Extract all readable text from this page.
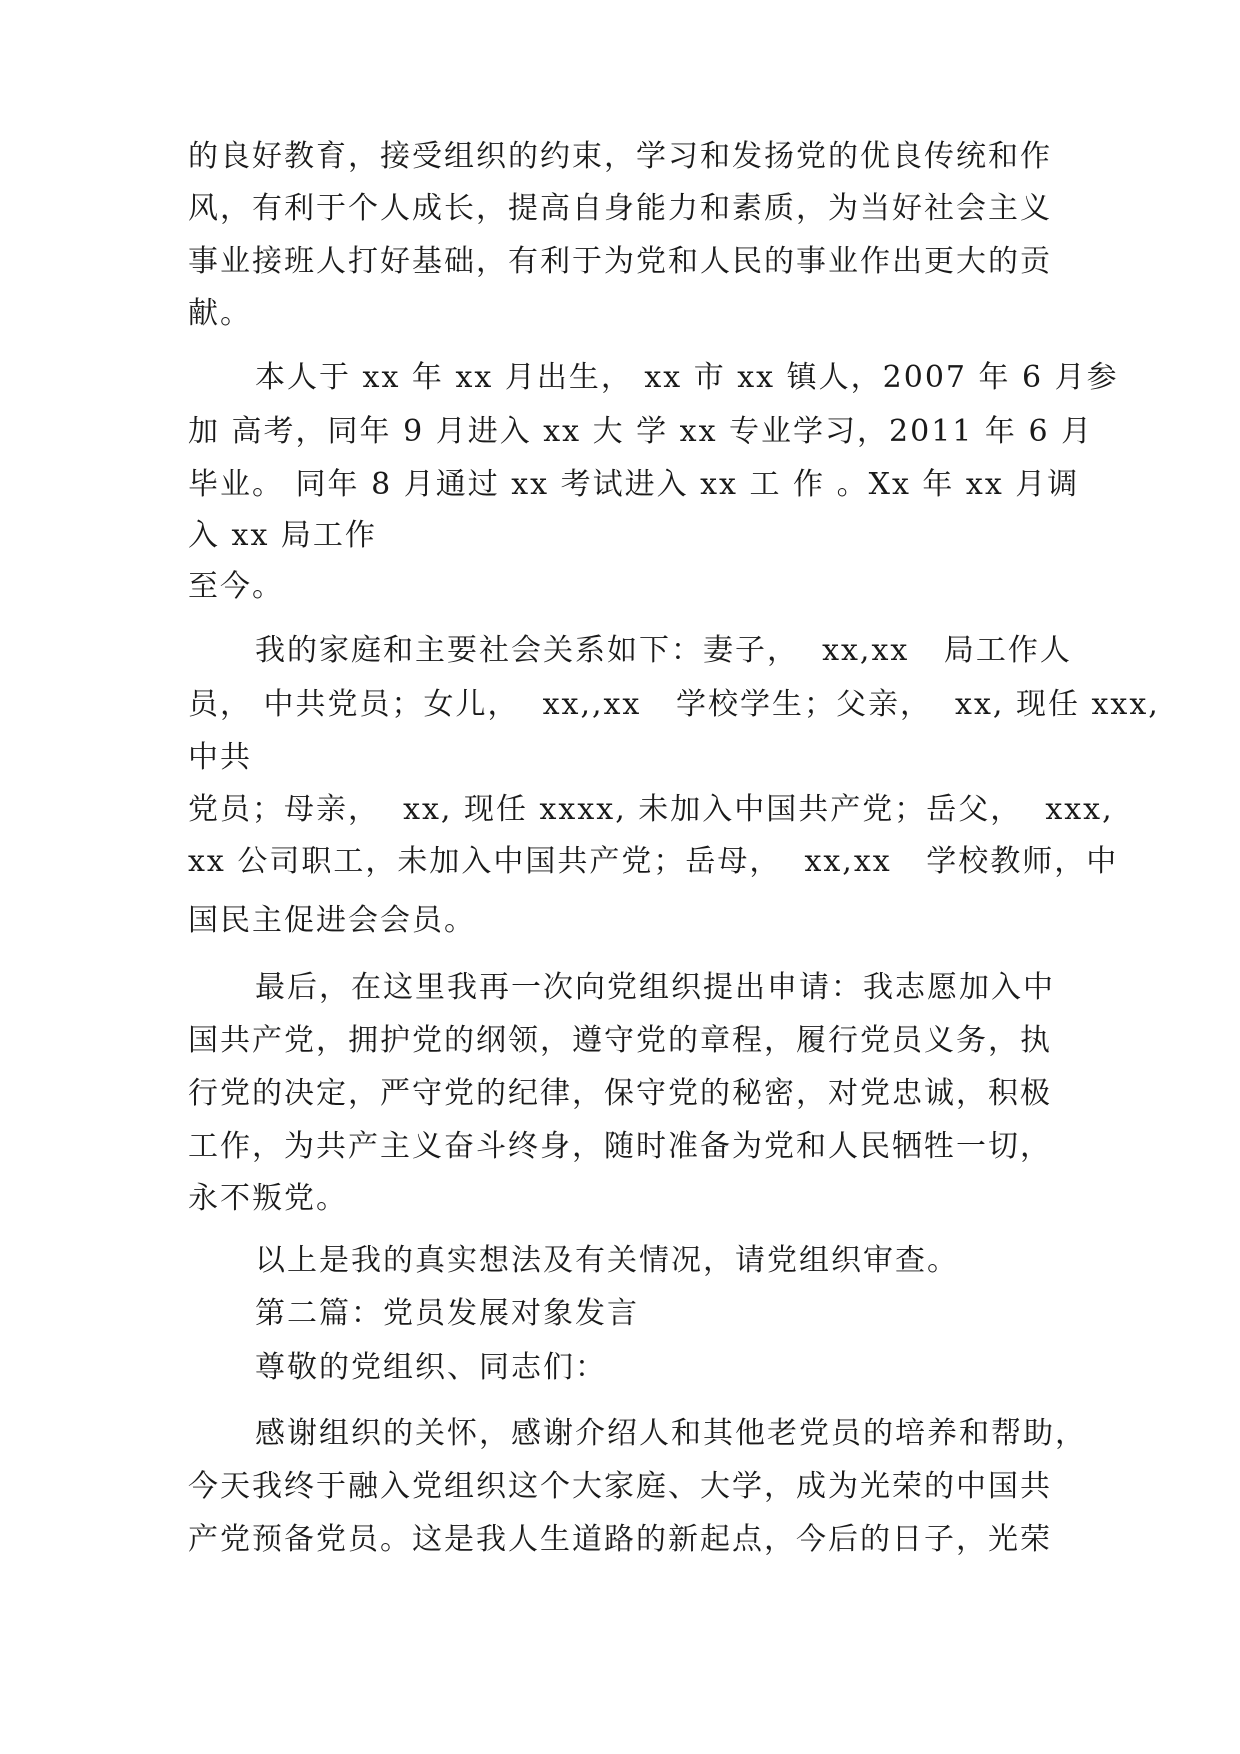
的良好教育，接受组织的约束，学习和发扬党的优良传统和作
风，有利于个人成长，提高自身能力和素质，为当好社会主义
事业接班人打好基础，有利于为党和人民的事业作出更大的贡
献。
本人于 xx 年 xx 月出生， xx 市 xx 镇人，2007 年 6 月参
加 高考，同年 9 月进入 xx 大 学 xx 专业学习，2011 年 6 月
毕业。 同年 8 月通过 xx 考试进入 xx 工 作 。Xx 年 xx 月调
入 xx 局工作
至今。
我的家庭和主要社会关系如下：妻子，  xx,xx   局工作人
员， 中共党员；女儿，  xx,,xx   学校学生；父亲，  xx, 现任 xxx,
中共
党员；母亲，  xx, 现任 xxxx, 未加入中国共产党；岳父，  xxx,
xx 公司职工，未加入中国共产党；岳母，  xx,xx   学校教师，中
国民主促进会会员。
最后，在这里我再一次向党组织提出申请：我志愿加入中
国共产党，拥护党的纲领，遵守党的章程，履行党员义务，执
行党的决定，严守党的纪律，保守党的秘密，对党忠诚，积极
工作，为共产主义奋斗终身，随时准备为党和人民牺牲一切，
永不叛党。
以上是我的真实想法及有关情况，请党组织审查。
第二篇：党员发展对象发言
尊敬的党组织、同志们：
感谢组织的关怀，感谢介绍人和其他老党员的培养和帮助，
今天我终于融入党组织这个大家庭、大学，成为光荣的中国共
产党预备党员。这是我人生道路的新起点，今后的日子，光荣
